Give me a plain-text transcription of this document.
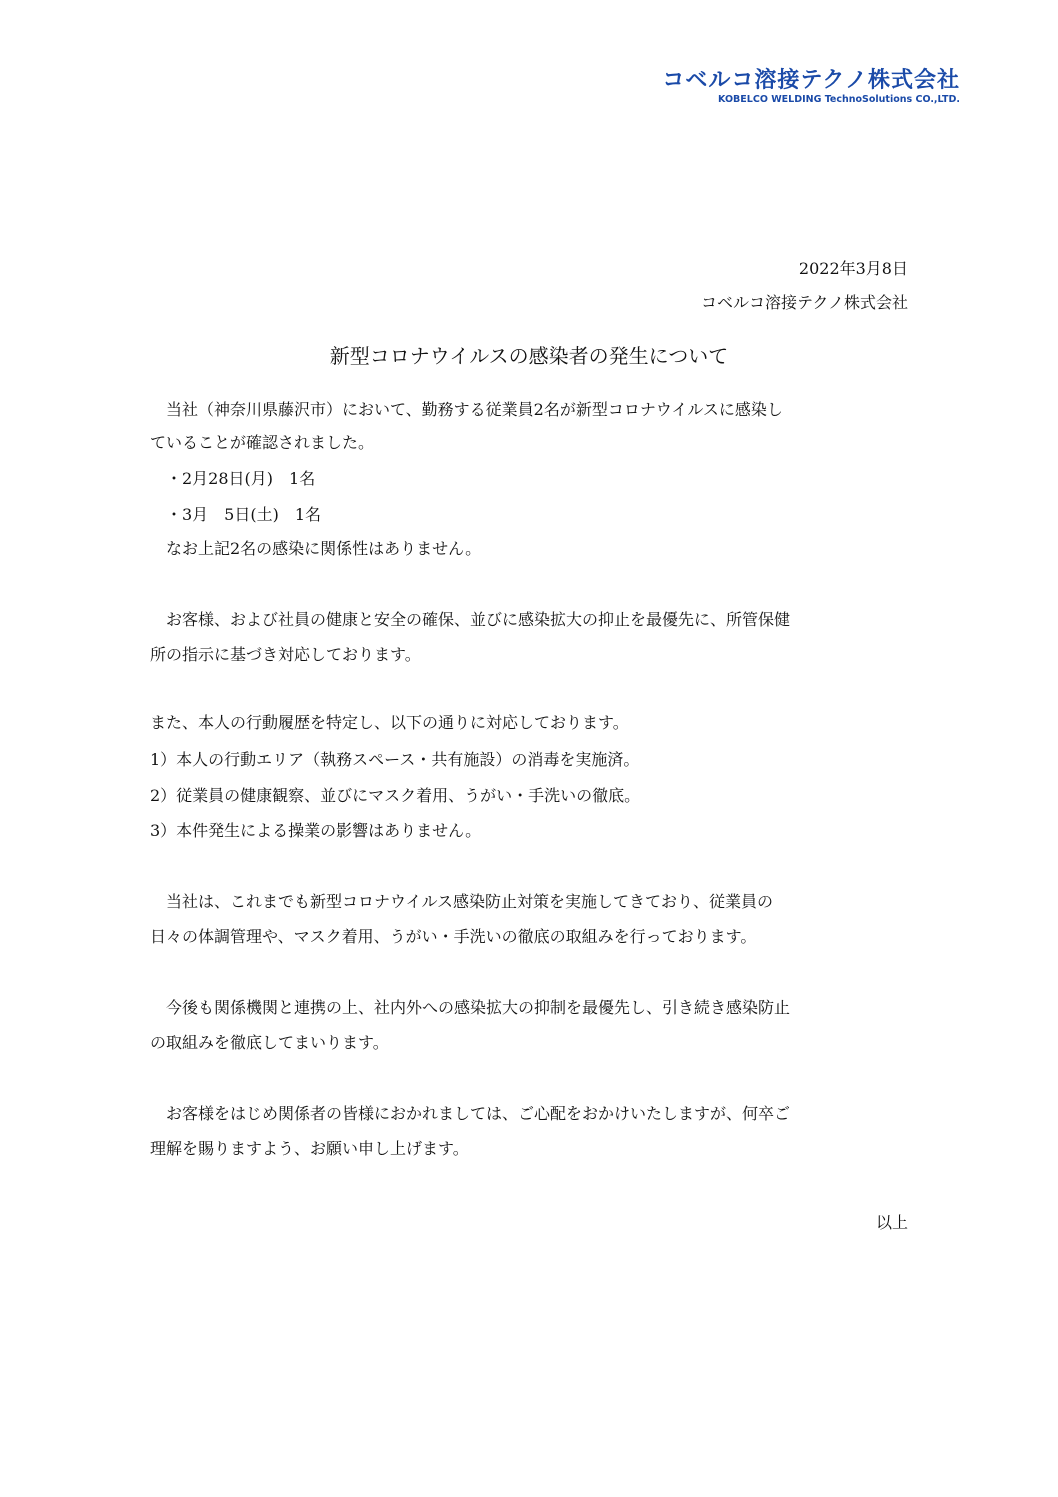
コベルコ溶接テクノ株式会社
KOBELCO WELDING TechnoSolutions CO.,LTD.
2022年3月8日
コベルコ溶接テクノ株式会社
新型コロナウイルスの感染者の発生について
当社（神奈川県藤沢市）において、勤務する従業員2名が新型コロナウイルスに感染し
ていることが確認されました。
・2月28日(月)　1名
・3月　5日(土)　1名
なお上記2名の感染に関係性はありません。
お客様、および社員の健康と安全の確保、並びに感染拡大の抑止を最優先に、所管保健
所の指示に基づき対応しております。
また、本人の行動履歴を特定し、以下の通りに対応しております。
1）本人の行動エリア（執務スペース・共有施設）の消毒を実施済。
2）従業員の健康観察、並びにマスク着用、うがい・手洗いの徹底。
3）本件発生による操業の影響はありません。
当社は、これまでも新型コロナウイルス感染防止対策を実施してきており、従業員の
日々の体調管理や、マスク着用、うがい・手洗いの徹底の取組みを行っております。
今後も関係機関と連携の上、社内外への感染拡大の抑制を最優先し、引き続き感染防止
の取組みを徹底してまいります。
お客様をはじめ関係者の皆様におかれましては、ご心配をおかけいたしますが、何卒ご
理解を賜りますよう、お願い申し上げます。
以上
